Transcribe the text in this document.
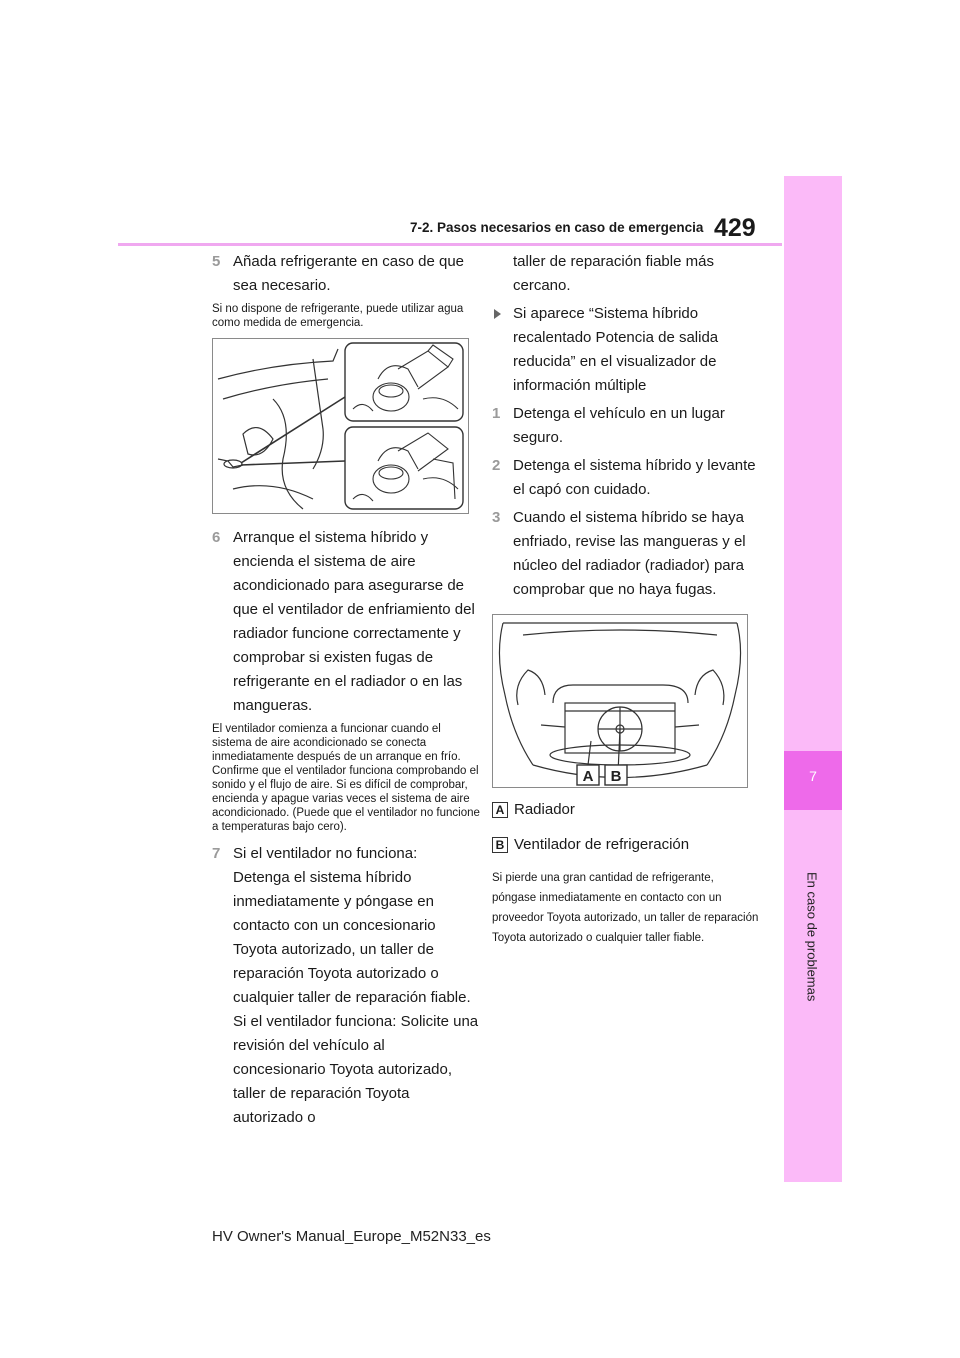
7-2. Pasos necesarios en caso de emergencia 429
7
En caso de problemas
5 Añada refrigerante en caso de que sea necesario.

Si no dispone de refrigerante, puede utilizar agua como medida de emergencia.

6 Arranque el sistema híbrido y encienda el sistema de aire acondicionado para asegurarse de que el ventilador de enfriamiento del radiador funcione correctamente y comprobar si existen fugas de refrigerante en el radiador o en las mangueras.

El ventilador comienza a funcionar cuando el sistema de aire acondicionado se conecta inmediatamente después de un arranque en frío. Confirme que el ventilador funciona comprobando el sonido y el flujo de aire. Si es difícil de comprobar, encienda y apague varias veces el sistema de aire acondicionado. (Puede que el ventilador no funcione a temperaturas bajo cero).

7 Si el ventilador no funciona:
Detenga el sistema híbrido inmediatamente y póngase en contacto con un concesionario Toyota autorizado, un taller de reparación Toyota autorizado o cualquier taller de reparación fiable.
Si el ventilador funciona: Solicite una revisión del vehículo al concesionario Toyota autorizado, taller de reparación Toyota autorizado o
taller de reparación fiable más cercano.
Si aparece “Sistema híbrido recalentado Potencia de salida reducida” en el visualizador de información múltiple
1 Detenga el vehículo en un lugar seguro.
2 Detenga el sistema híbrido y levante el capó con cuidado.
3 Cuando el sistema híbrido se haya enfriado, revise las mangueras y el núcleo del radiador (radiador) para comprobar que no haya fugas.
A B
A Radiador
B Ventilador de refrigeración

Si pierde una gran cantidad de refrigerante, póngase inmediatamente en contacto con un proveedor Toyota autorizado, un taller de reparación Toyota autorizado o cualquier taller fiable.

HV Owner's Manual_Europe_M52N33_es
